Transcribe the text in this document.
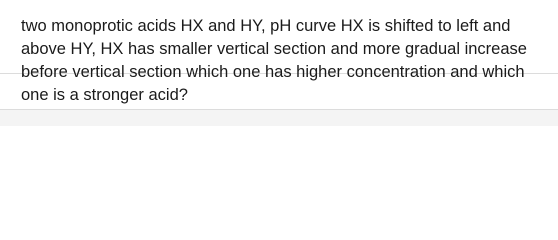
two monoprotic acids HX and HY, pH curve HX is shifted to left and above HY, HX has smaller vertical section and more gradual increase before vertical section which one has higher concentration and which one is a stronger acid?
